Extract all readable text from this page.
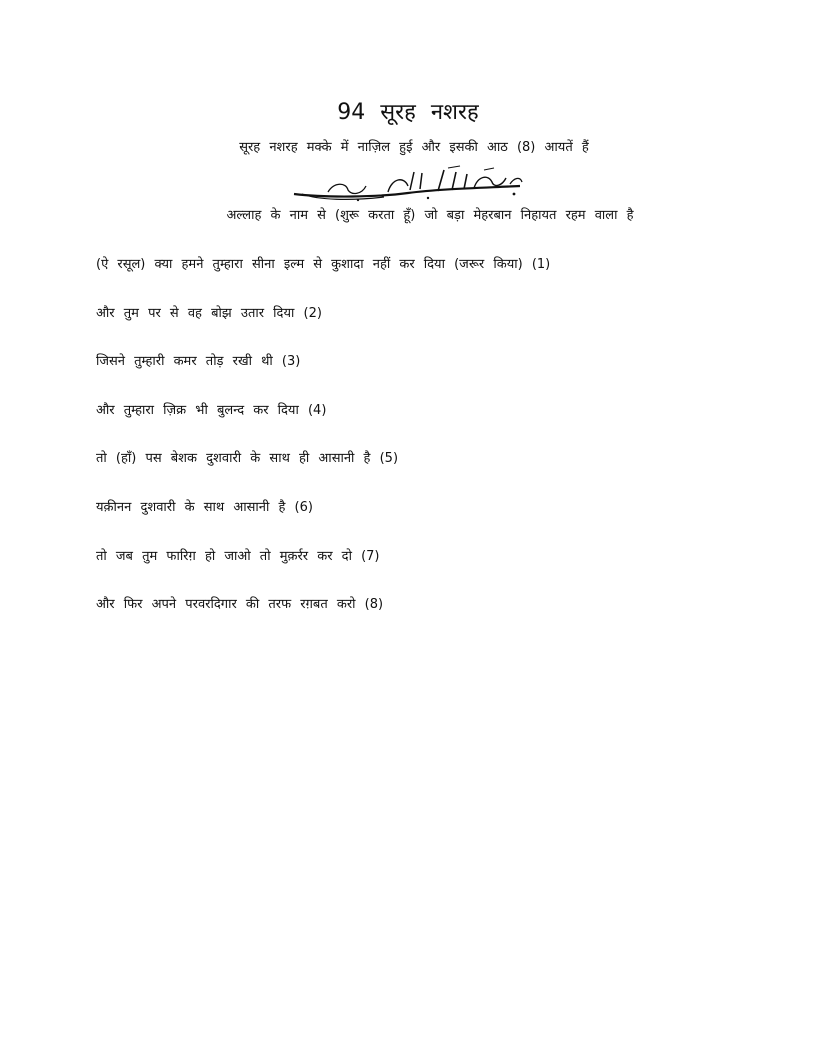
94 सूरह नशरह
सूरह नशरह मक्के में नाज़िल हुई और इसकी आठ (8) आयतें हैं
अल्लाह के नाम से (शुरू करता हूँ) जो बड़ा मेहरबान निहायत रहम वाला है
(ऐ रसूल) क्या हमने तुम्हारा सीना इल्म से कुशादा नहीं कर दिया (जरूर किया) (1)
और तुम पर से वह बोझ उतार दिया (2)
जिसने तुम्हारी कमर तोड़ रखी थी (3)
और तुम्हारा ज़िक्र भी बुलन्द कर दिया (4)
तो (हाँ) पस बेशक दुशवारी के साथ ही आसानी है (5)
यक़ीनन दुशवारी के साथ आसानी है (6)
तो जब तुम फारिग़ हो जाओ तो मुक़र्रर कर दो (7)
और फिर अपने परवरदिगार की तरफ रग़बत करो (8)
